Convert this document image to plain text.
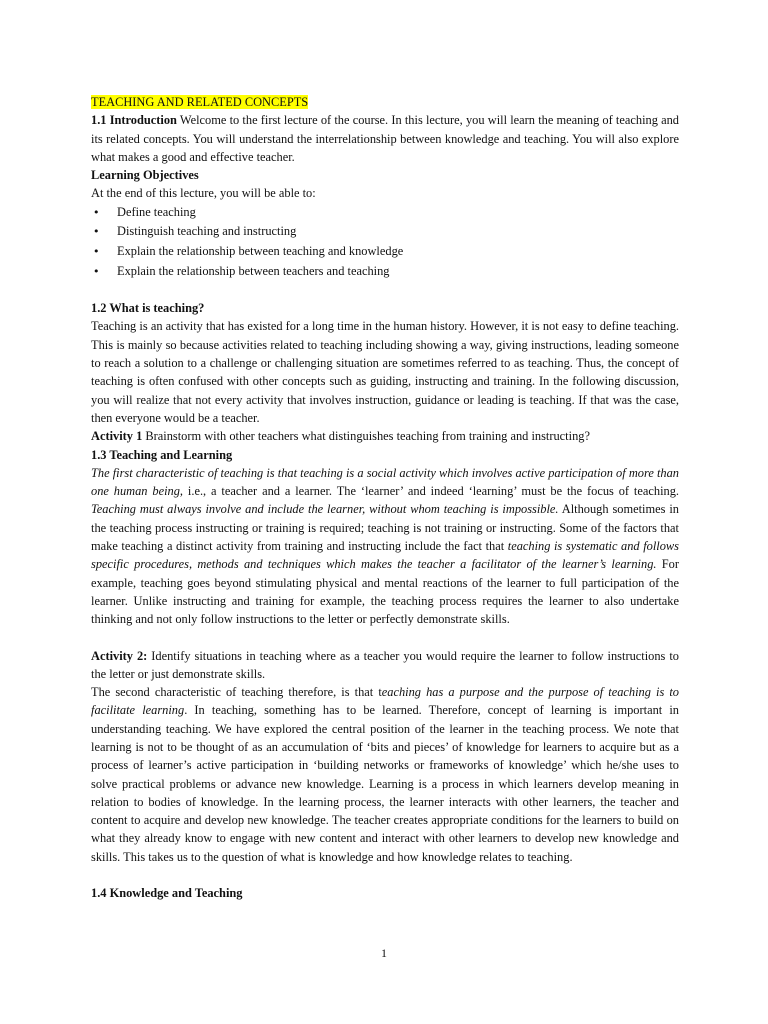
TEACHING AND RELATED CONCEPTS

1.1 Introduction Welcome to the first lecture of the course. In this lecture, you will learn the meaning of teaching and its related concepts. You will understand the interrelationship between knowledge and teaching. You will also explore what makes a good and effective teacher.

Learning Objectives

At the end of this lecture, you will be able to:

• Define teaching
• Distinguish teaching and instructing
• Explain the relationship between teaching and knowledge
• Explain the relationship between teachers and teaching

1.2 What is teaching?

Teaching is an activity that has existed for a long time in the human history. However, it is not easy to define teaching. This is mainly so because activities related to teaching including showing a way, giving instructions, leading someone to reach a solution to a challenge or challenging situation are sometimes referred to as teaching. Thus, the concept of teaching is often confused with other concepts such as guiding, instructing and training. In the following discussion, you will realize that not every activity that involves instruction, guidance or leading is teaching. If that was the case, then everyone would be a teacher.

Activity 1 Brainstorm with other teachers what distinguishes teaching from training and instructing?

1.3 Teaching and Learning

The first characteristic of teaching is that teaching is a social activity which involves active participation of more than one human being, i.e., a teacher and a learner. The ‘learner’ and indeed ‘learning’ must be the focus of teaching. Teaching must always involve and include the learner, without whom teaching is impossible. Although sometimes in the teaching process instructing or training is required; teaching is not training or instructing. Some of the factors that make teaching a distinct activity from training and instructing include the fact that teaching is systematic and follows specific procedures, methods and techniques which makes the teacher a facilitator of the learner’s learning. For example, teaching goes beyond stimulating physical and mental reactions of the learner to full participation of the learner. Unlike instructing and training for example, the teaching process requires the learner to also undertake thinking and not only follow instructions to the letter or perfectly demonstrate skills.

Activity 2: Identify situations in teaching where as a teacher you would require the learner to follow instructions to the letter or just demonstrate skills.

The second characteristic of teaching therefore, is that teaching has a purpose and the purpose of teaching is to facilitate learning. In teaching, something has to be learned. Therefore, concept of learning is important in understanding teaching. We have explored the central position of the learner in the teaching process. We note that learning is not to be thought of as an accumulation of ‘bits and pieces’ of knowledge for learners to acquire but as a process of learner’s active participation in ‘building networks or frameworks of knowledge’ which he/she uses to solve practical problems or advance new knowledge. Learning is a process in which learners develop meaning in relation to bodies of knowledge. In the learning process, the learner interacts with other learners, the teacher and content to acquire and develop new knowledge. The teacher creates appropriate conditions for the learners to build on what they already know to engage with new content and interact with other learners to develop new knowledge and skills. This takes us to the question of what is knowledge and how knowledge relates to teaching.

1.4 Knowledge and Teaching

1
